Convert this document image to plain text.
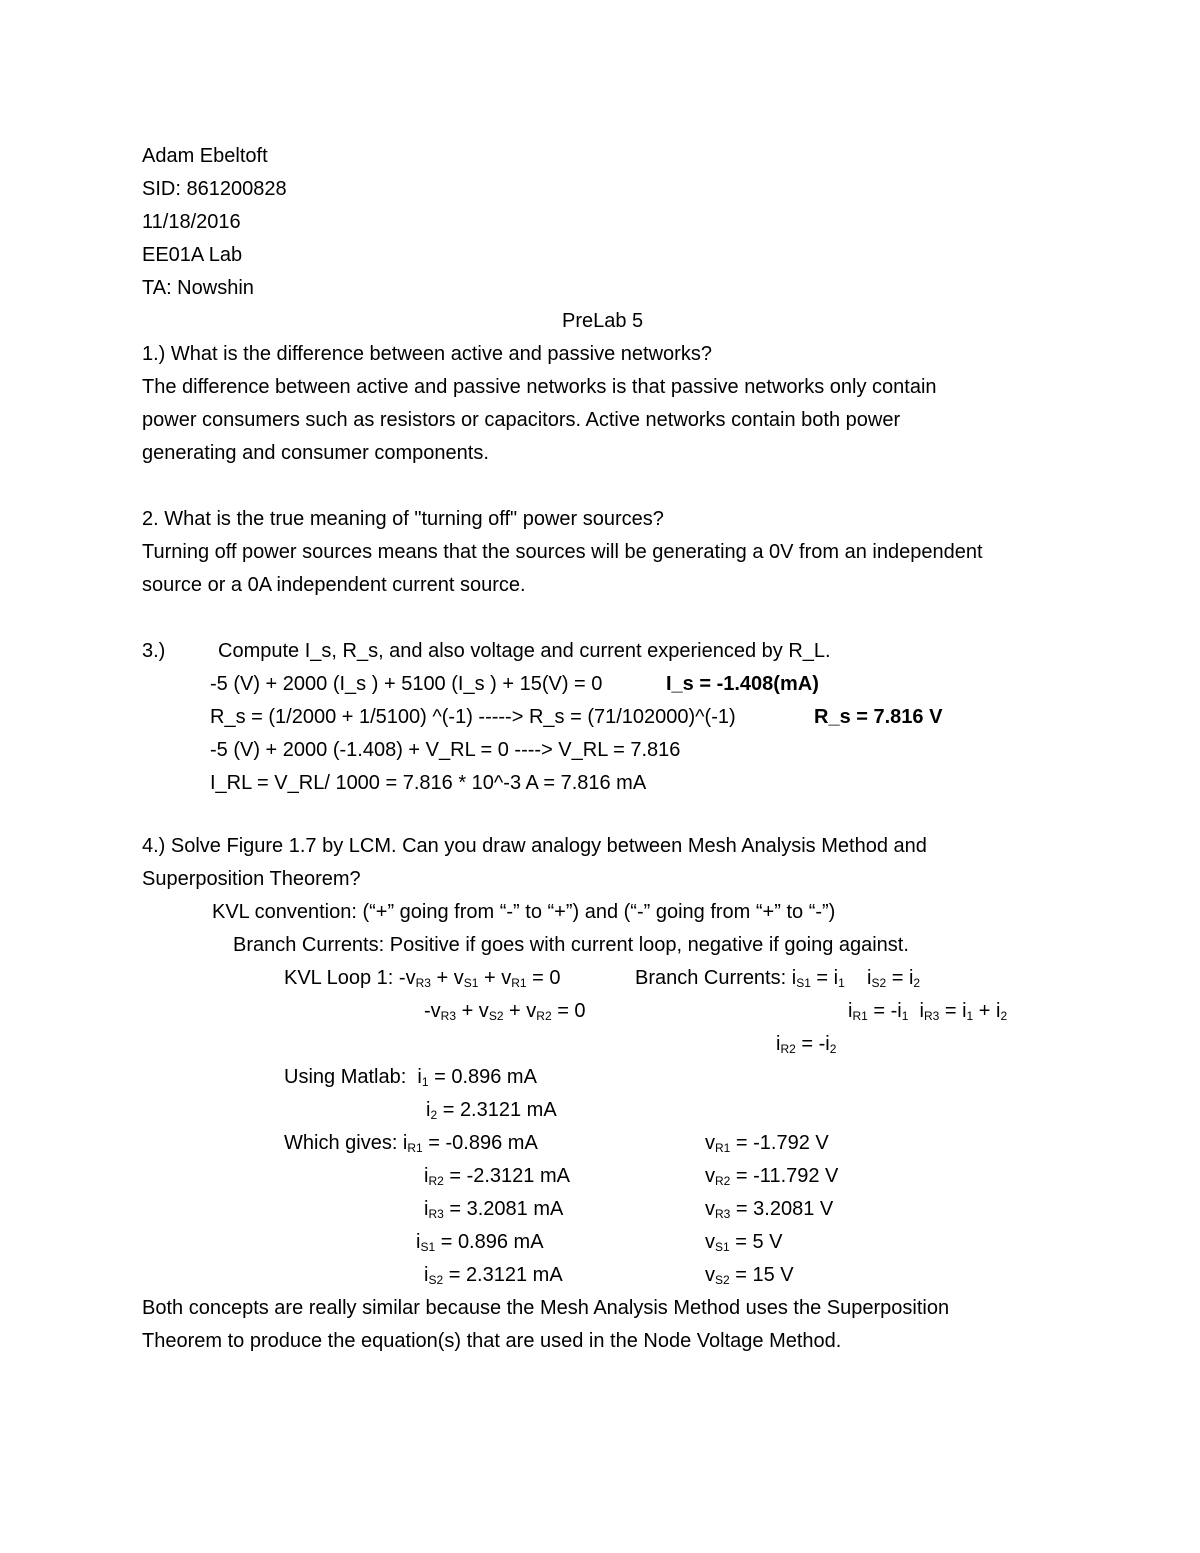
Adam Ebeltoft
SID: 861200828
11/18/2016
EE01A Lab
TA: Nowshin
PreLab 5
1.) What is the difference between active and passive networks?
The difference between active and passive networks is that passive networks only contain
power consumers such as resistors or capacitors. Active networks contain both power
generating and consumer components.
2. What is the true meaning of "turning off" power sources?
Turning off power sources means that the sources will be generating a 0V from an independent
source or a 0A independent current source.
3.)	Compute I_s, R_s, and also voltage and current experienced by R_L.
-5 (V) + 2000 (I_s ) + 5100 (I_s ) + 15(V) = 0	I_s = -1.408(mA)
R_s = (1/2000 + 1/5100) ^(-1) -----> R_s = (71/102000)^(-1)	R_s = 7.816 V
-5 (V) + 2000 (-1.408) + V_RL = 0 ----> V_RL = 7.816
I_RL = V_RL/ 1000 = 7.816 * 10^-3 A = 7.816 mA
4.) Solve Figure 1.7 by LCM. Can you draw analogy between Mesh Analysis Method and
Superposition Theorem?
KVL convention: (“+” going from “-” to “+”) and (“-” going from “+” to “-”)
Branch Currents: Positive if goes with current loop, negative if going against.
KVL Loop 1: $-v_{R3} + v_{S1} + v_{R1} = 0$	Branch Currents: $i_{S1} = i_1$    $i_{S2} = i_2$
$-v_{R3} + v_{S2} + v_{R2} = 0$	$i_{R1} = -i_1$  $i_{R3} = i_1 + i_2$
$i_{R2} = -i_2$
Using Matlab:  $i_1 = 0.896$ mA
$i_2 = 2.3121$ mA
Which gives: $i_{R1} = -0.896$ mA	$v_{R1} = -1.792$ V
$i_{R2} = -2.3121$ mA	$v_{R2} = -11.792$ V
$i_{R3} = 3.2081$ mA	$v_{R3} = 3.2081$ V
$i_{S1} = 0.896$ mA	$v_{S1} = 5$ V
$i_{S2} = 2.3121$ mA	$v_{S2} = 15$ V
Both concepts are really similar because the Mesh Analysis Method uses the Superposition
Theorem to produce the equation(s) that are used in the Node Voltage Method.
